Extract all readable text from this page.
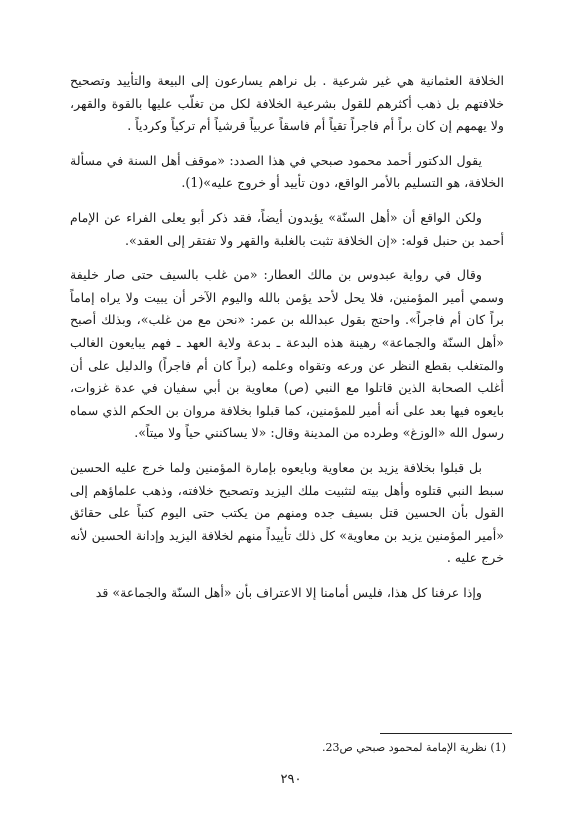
الخلافة العثمانية هي غير شرعية . بل نراهم يسارعون إلى البيعة والتأييد وتصحيح خلافتهم بل ذهب أكثرهم للقول بشرعية الخلافة لكل من تغلّب عليها بالقوة والقهر، ولا يهمهم إن كان براً أم فاجراً تقياً أم فاسقاً عربياً قرشياً أم تركياً وكردياً .

يقول الدكتور أحمد محمود صبحي في هذا الصدد: «موقف أهل السنة في مسألة الخلافة، هو التسليم بالأمر الواقع، دون تأييد أو خروج عليه»(1).

ولكن الواقع أن «أهل السنّة» يؤيدون أيضاً، فقد ذكر أبو يعلى الفراء عن الإمام أحمد بن حنبل قوله: «إن الخلافة تثبت بالغلبة والقهر ولا تفتقر إلى العقد».

وقال في رواية عبدوس بن مالك العطار: «من غلب بالسيف حتى صار خليفة وسمي أمير المؤمنين، فلا يحل لأحد يؤمن بالله واليوم الآخر أن يبيت ولا يراه إماماً براً كان أم فاجراً». واحتج بقول عبدالله بن عمر: «نحن مع من غلب»، وبذلك أصبح «أهل السنّة والجماعة» رهينة هذه البدعة ـ بدعة ولاية العهد ـ فهم يبايعون الغالب والمتغلب بقطع النظر عن ورعه وتقواه وعلمه (براً كان أم فاجراً) والدليل على أن أغلب الصحابة الذين قاتلوا مع النبي (ص) معاوية بن أبي سفيان في عدة غزوات، بايعوه فيها بعد على أنه أمير للمؤمنين، كما قبلوا بخلافة مروان بن الحكم الذي سماه رسول الله «الوزغ» وطرده من المدينة وقال: «لا يساكنني حياً ولا ميتاً».

بل قبلوا بخلافة يزيد بن معاوية وبايعوه بإمارة المؤمنين ولما خرج عليه الحسين سبط النبي قتلوه وأهل بيته لتثبيت ملك اليزيد وتصحيح خلافته، وذهب علماؤهم إلى القول بأن الحسين قتل بسيف جده ومنهم من يكتب حتى اليوم كتباً على حقائق «أمير المؤمنين يزيد بن معاوية» كل ذلك تأييداً منهم لخلافة اليزيد وإدانة الحسين لأنه خرج عليه .

وإذا عرفنا كل هذا، فليس أمامنا إلا الاعتراف بأن «أهل السنّة والجماعة» قد

(1) نظرية الإمامة لمحمود صبحي ص23.
٢٩٠
